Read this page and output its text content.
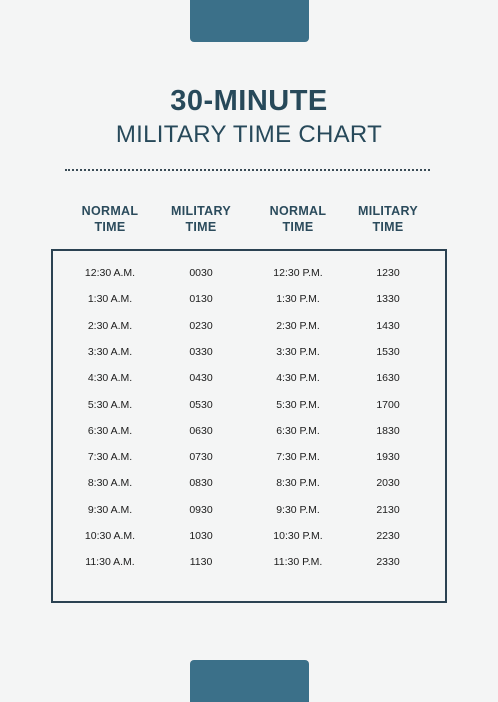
30-MINUTE
MILITARY TIME CHART
NORMAL
TIME
MILITARY
TIME
NORMAL
TIME
MILITARY
TIME
12:30 A.M.	0030	12:30 P.M.	1230
1:30 A.M.	0130	1:30 P.M.	1330
2:30 A.M.	0230	2:30 P.M.	1430
3:30 A.M.	0330	3:30 P.M.	1530
4:30 A.M.	0430	4:30 P.M.	1630
5:30 A.M.	0530	5:30 P.M.	1700
6:30 A.M.	0630	6:30 P.M.	1830
7:30 A.M.	0730	7:30 P.M.	1930
8:30 A.M.	0830	8:30 P.M.	2030
9:30 A.M.	0930	9:30 P.M.	2130
10:30 A.M.	1030	10:30 P.M.	2230
11:30 A.M.	1130	11:30 P.M.	2330
